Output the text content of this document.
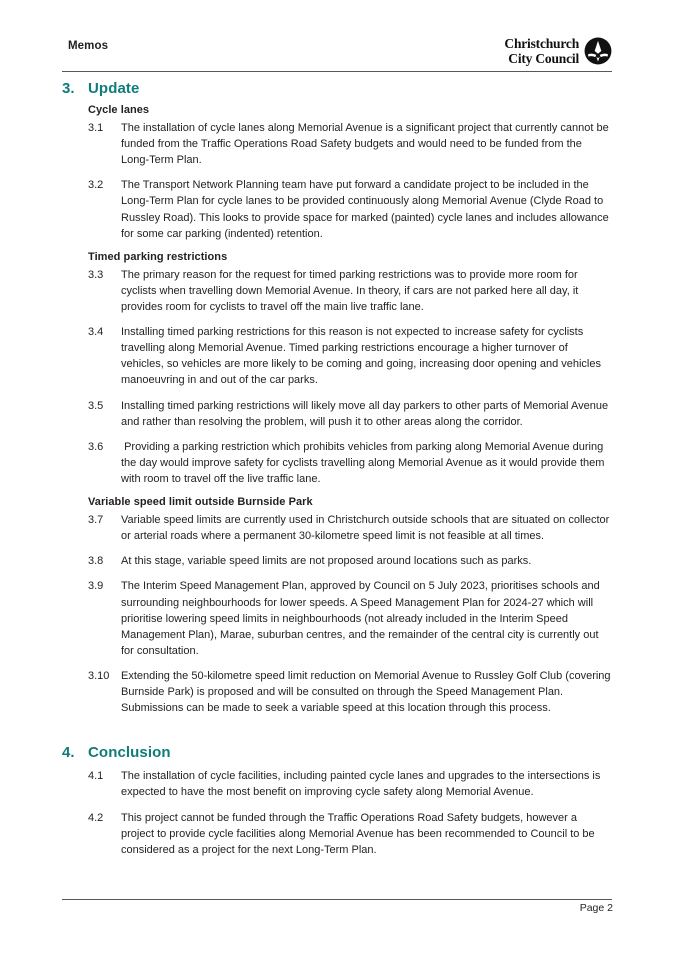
Memos	Christchurch
City Council
3. Update
Cycle lanes
3.1	The installation of cycle lanes along Memorial Avenue is a significant project that currently cannot be funded from the Traffic Operations Road Safety budgets and would need to be funded from the Long-Term Plan.
3.2	The Transport Network Planning team have put forward a candidate project to be included in the Long-Term Plan for cycle lanes to be provided continuously along Memorial Avenue (Clyde Road to Russley Road). This looks to provide space for marked (painted) cycle lanes and includes allowance for some car parking (indented) retention.
Timed parking restrictions
3.3	The primary reason for the request for timed parking restrictions was to provide more room for cyclists when travelling down Memorial Avenue. In theory, if cars are not parked here all day, it provides room for cyclists to travel off the main live traffic lane.
3.4	Installing timed parking restrictions for this reason is not expected to increase safety for cyclists travelling along Memorial Avenue. Timed parking restrictions encourage a higher turnover of vehicles, so vehicles are more likely to be coming and going, increasing door opening and vehicles manoeuvring in and out of the car parks.
3.5	Installing timed parking restrictions will likely move all day parkers to other parts of Memorial Avenue and rather than resolving the problem, will push it to other areas along the corridor.
3.6	Providing a parking restriction which prohibits vehicles from parking along Memorial Avenue during the day would improve safety for cyclists travelling along Memorial Avenue as it would provide them with room to travel off the live traffic lane.
Variable speed limit outside Burnside Park
3.7	Variable speed limits are currently used in Christchurch outside schools that are situated on collector or arterial roads where a permanent 30-kilometre speed limit is not feasible at all times.
3.8	At this stage, variable speed limits are not proposed around locations such as parks.
3.9	The Interim Speed Management Plan, approved by Council on 5 July 2023, prioritises schools and surrounding neighbourhoods for lower speeds. A Speed Management Plan for 2024-27 which will prioritise lowering speed limits in neighbourhoods (not already included in the Interim Speed Management Plan), Marae, suburban centres, and the remainder of the central city is currently out for consultation.
3.10	Extending the 50-kilometre speed limit reduction on Memorial Avenue to Russley Golf Club (covering Burnside Park) is proposed and will be consulted on through the Speed Management Plan. Submissions can be made to seek a variable speed at this location through this process.
4. Conclusion
4.1	The installation of cycle facilities, including painted cycle lanes and upgrades to the intersections is expected to have the most benefit on improving cycle safety along Memorial Avenue.
4.2	This project cannot be funded through the Traffic Operations Road Safety budgets, however a project to provide cycle facilities along Memorial Avenue has been recommended to Council to be considered as a project for the next Long-Term Plan.
Page 2
